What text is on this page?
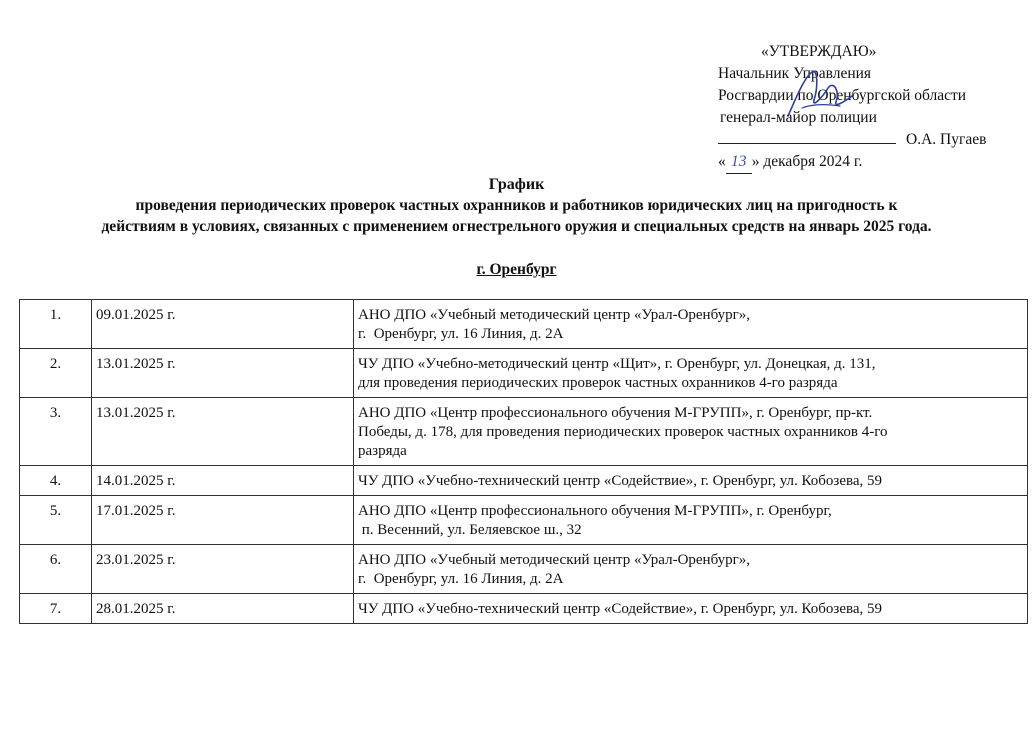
«УТВЕРЖДАЮ»
Начальник Управления
Росгвардии по Оренбургской области
генерал-майор полиции
О.А. Пугаев
« 13 » декабря 2024 г.
График
проведения периодических проверок частных охранников и работников юридических лиц на пригодность к
действиям в условиях, связанных с применением огнестрельного оружия и специальных средств на январь 2025 года.
г. Оренбург
1.	09.01.2025 г.	АНО ДПО «Учебный методический центр «Урал-Оренбург»,
г.  Оренбург, ул. 16 Линия, д. 2А

2.	13.01.2025 г.	ЧУ ДПО «Учебно-методический центр «Щит», г. Оренбург, ул. Донецкая, д. 131,
для проведения периодических проверок частных охранников 4-го разряда

3.	13.01.2025 г.	АНО ДПО «Центр профессионального обучения М-ГРУПП», г. Оренбург, пр-кт.
Победы, д. 178, для проведения периодических проверок частных охранников 4-го
разряда

4.	14.01.2025 г.	ЧУ ДПО «Учебно-технический центр «Содействие», г. Оренбург, ул. Кобозева, 59

5.	17.01.2025 г.	АНО ДПО «Центр профессионального обучения М-ГРУПП», г. Оренбург,
п. Весенний, ул. Беляевское ш., 32

6.	23.01.2025 г.	АНО ДПО «Учебный методический центр «Урал-Оренбург»,
г.  Оренбург, ул. 16 Линия, д. 2А

7.	28.01.2025 г.	ЧУ ДПО «Учебно-технический центр «Содействие», г. Оренбург, ул. Кобозева, 59
